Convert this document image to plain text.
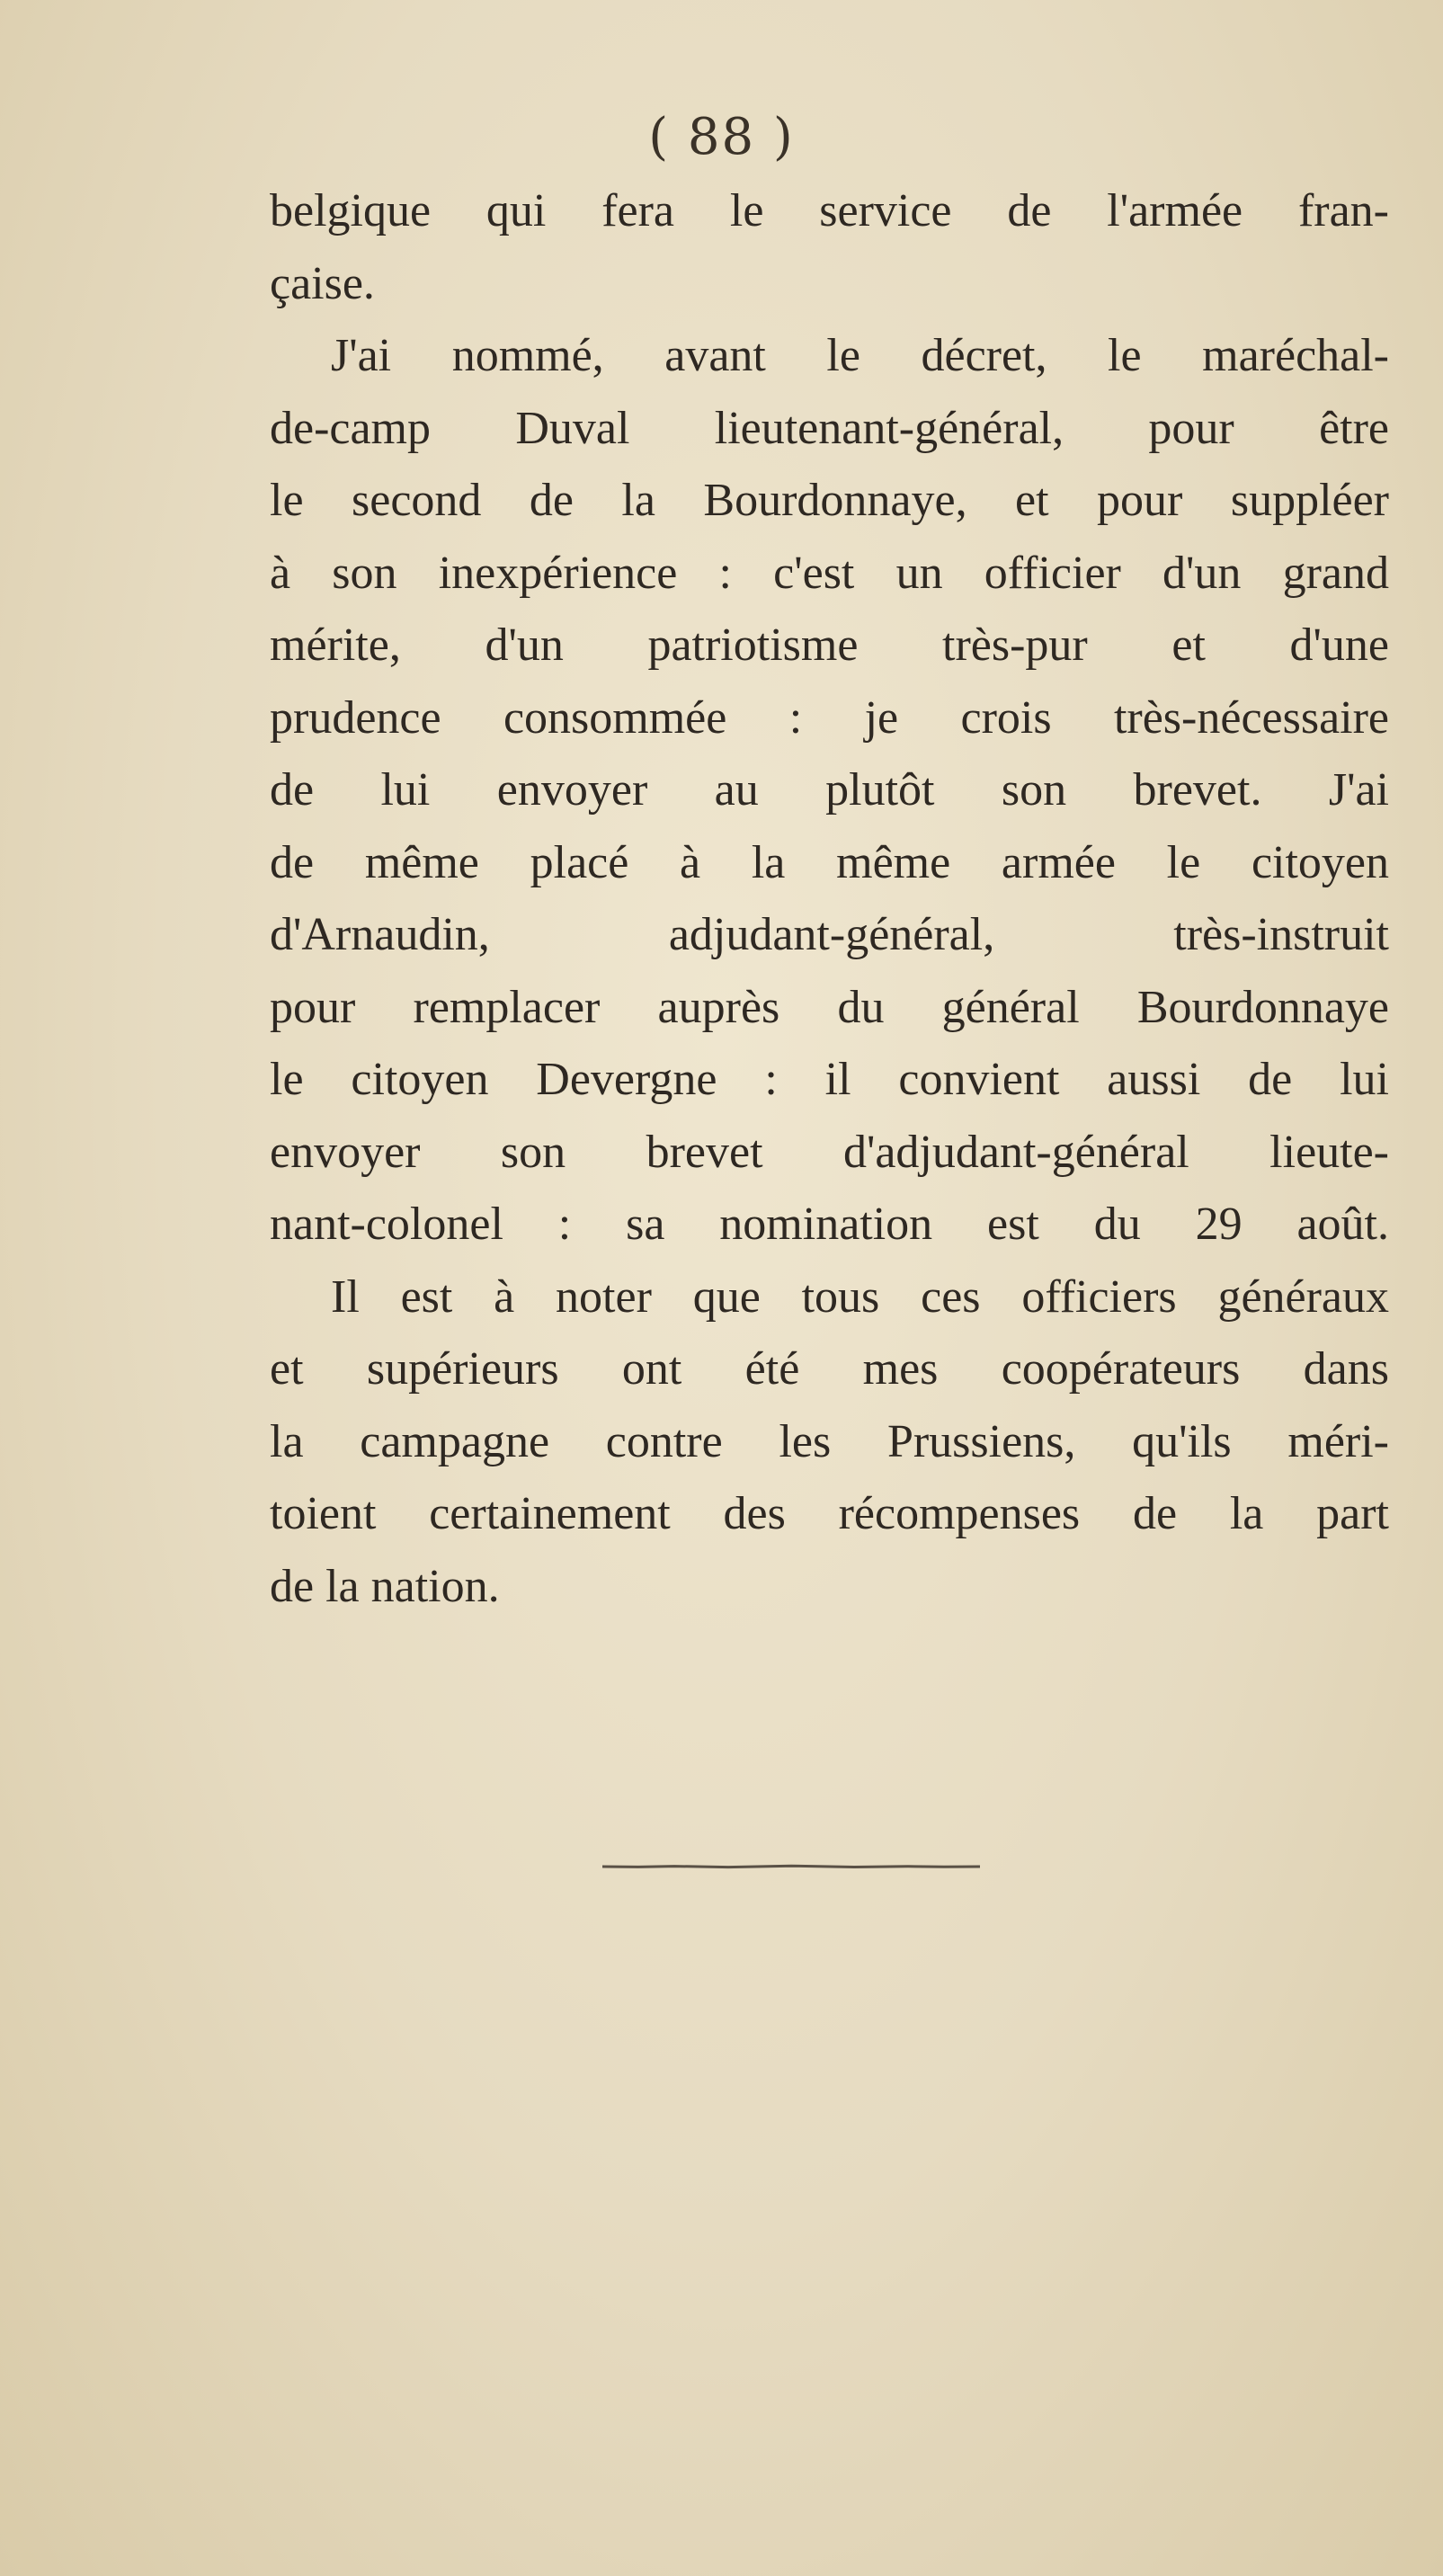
( 88 )
belgique qui fera le service de l'armée fran-
çaise.
J'ai nommé, avant le décret, le maréchal-
de-camp Duval lieutenant-général, pour être
le second de la Bourdonnaye, et pour suppléer
à son inexpérience : c'est un officier d'un grand
mérite, d'un patriotisme très-pur et d'une
prudence consommée : je crois très-nécessaire
de lui envoyer au plutôt son brevet. J'ai
de même placé à la même armée le citoyen
d'Arnaudin, adjudant-général, très-instruit
pour remplacer auprès du général Bourdonnaye
le citoyen Devergne : il convient aussi de lui
envoyer son brevet d'adjudant-général lieute-
nant-colonel : sa nomination est du 29 août.
Il est à noter que tous ces officiers généraux
et supérieurs ont été mes coopérateurs dans
la campagne contre les Prussiens, qu'ils méri-
toient certainement des récompenses de la part
de la nation.
